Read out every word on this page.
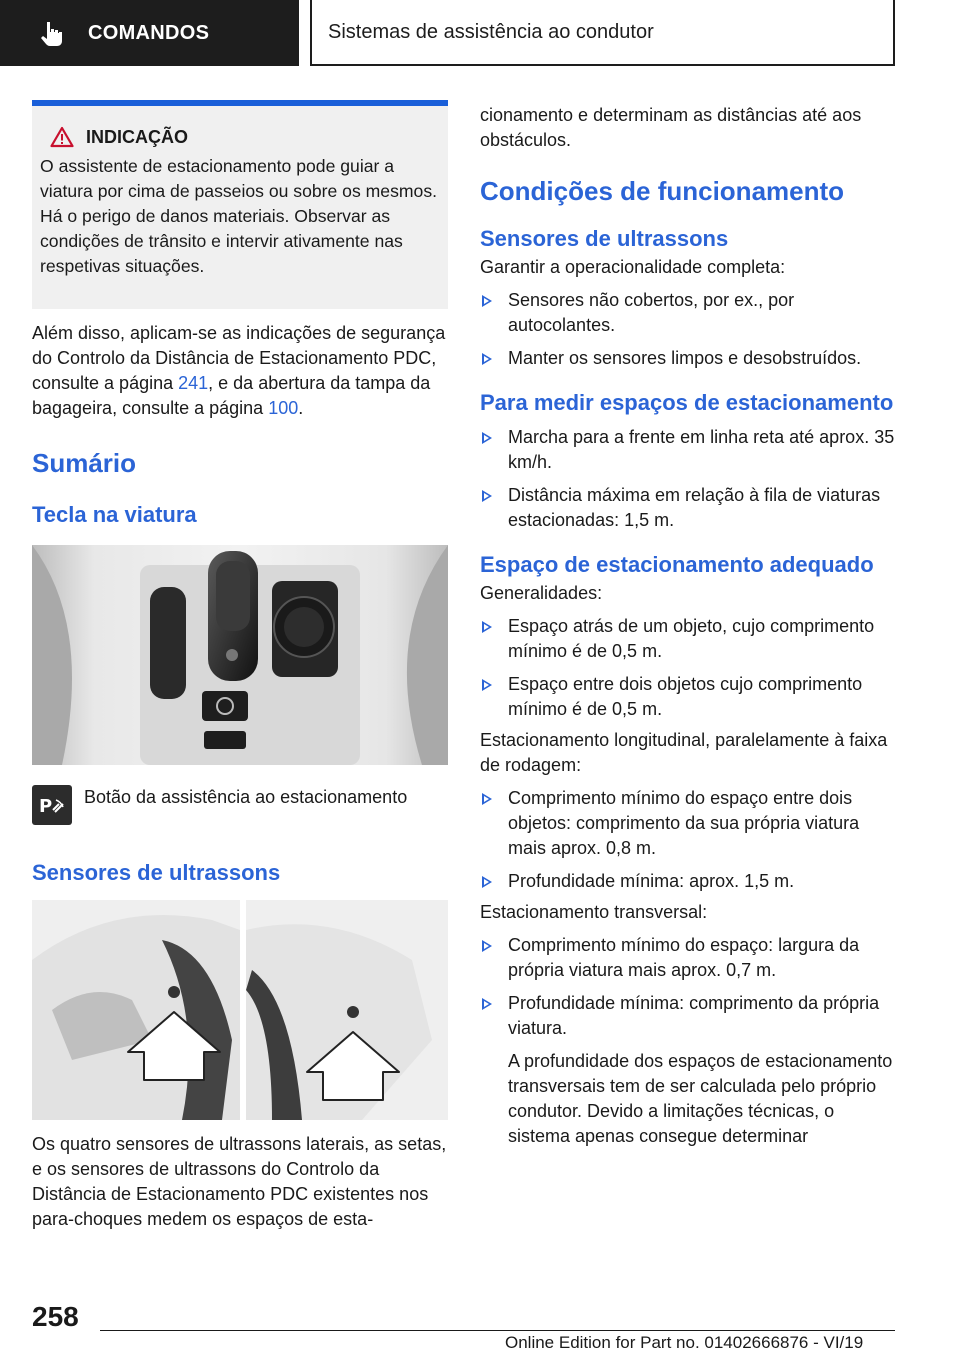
COMANDOS	Sistemas de assistência ao condutor
INDICAÇÃO

O assistente de estacionamento pode guiar a viatura por cima de passeios ou sobre os mesmos. Há o perigo de danos materiais. Observar as condições de trânsito e intervir ativamente nas respetivas situações.

Além disso, aplicam-se as indicações de segurança do Controlo da Distância de Estacionamento PDC, consulte a página 241, e da abertura da tampa da bagageira, consulte a página 100.

Sumário
Tecla na viatura
P Botão da assistência ao estacionamento

Sensores de ultrassons

Os quatro sensores de ultrassons laterais, as setas, e os sensores de ultrassons do Controlo da Distância de Estacionamento PDC existentes nos para-choques medem os espaços de esta-

cionamento e determinam as distâncias até aos obstáculos.

Condições de funcionamento
Sensores de ultrassons

Garantir a operacionalidade completa:

Sensores não cobertos, por ex., por autocolantes.
Manter os sensores limpos e desobstruídos.
Para medir espaços de estacionamento
Marcha para a frente em linha reta até aprox. 35 km/h.
Distância máxima em relação à fila de viaturas estacionadas: 1,5 m.
Espaço de estacionamento adequado

Generalidades:

Espaço atrás de um objeto, cujo comprimento mínimo é de 0,5 m.
Espaço entre dois objetos cujo comprimento mínimo é de 0,5 m.

Estacionamento longitudinal, paralelamente à faixa de rodagem:

Comprimento mínimo do espaço entre dois objetos: comprimento da sua própria viatura mais aprox. 0,8 m.
Profundidade mínima: aprox. 1,5 m.

Estacionamento transversal:

Comprimento mínimo do espaço: largura da própria viatura mais aprox. 0,7 m.
Profundidade mínima: comprimento da própria viatura.

A profundidade dos espaços de estacionamento transversais tem de ser calculada pelo próprio condutor. Devido a limitações técnicas, o sistema apenas consegue determinar

258
Online Edition for Part no. 01402666876 - VI/19
